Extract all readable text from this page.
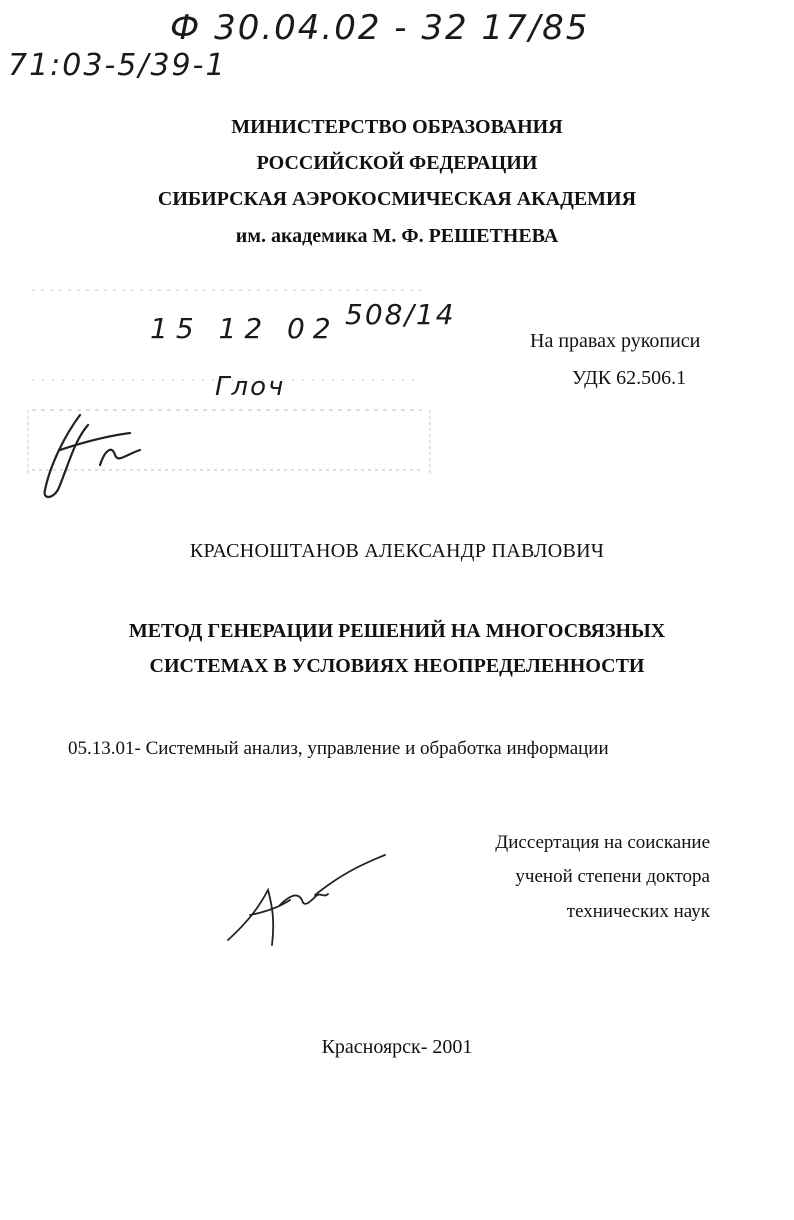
Ф 30.04.02 - 32 17/85
71:03-5/39-1
МИНИСТЕРСТВО ОБРАЗОВАНИЯ
РОССИЙСКОЙ ФЕДЕРАЦИИ
СИБИРСКАЯ АЭРОКОСМИЧЕСКАЯ АКАДЕМИЯ
им. академика М. Ф. РЕШЕТНЕВА
15 12 02 508/14
Глоч
На правах рукописи
УДК 62.506.1
КРАСНОШТАНОВ АЛЕКСАНДР ПАВЛОВИЧ
МЕТОД ГЕНЕРАЦИИ РЕШЕНИЙ НА МНОГОСВЯЗНЫХ
СИСТЕМАХ В УСЛОВИЯХ НЕОПРЕДЕЛЕННОСТИ
05.13.01- Системный анализ, управление и обработка информации
Диссертация на соискание
ученой степени доктора
технических наук
Красноярск- 2001
